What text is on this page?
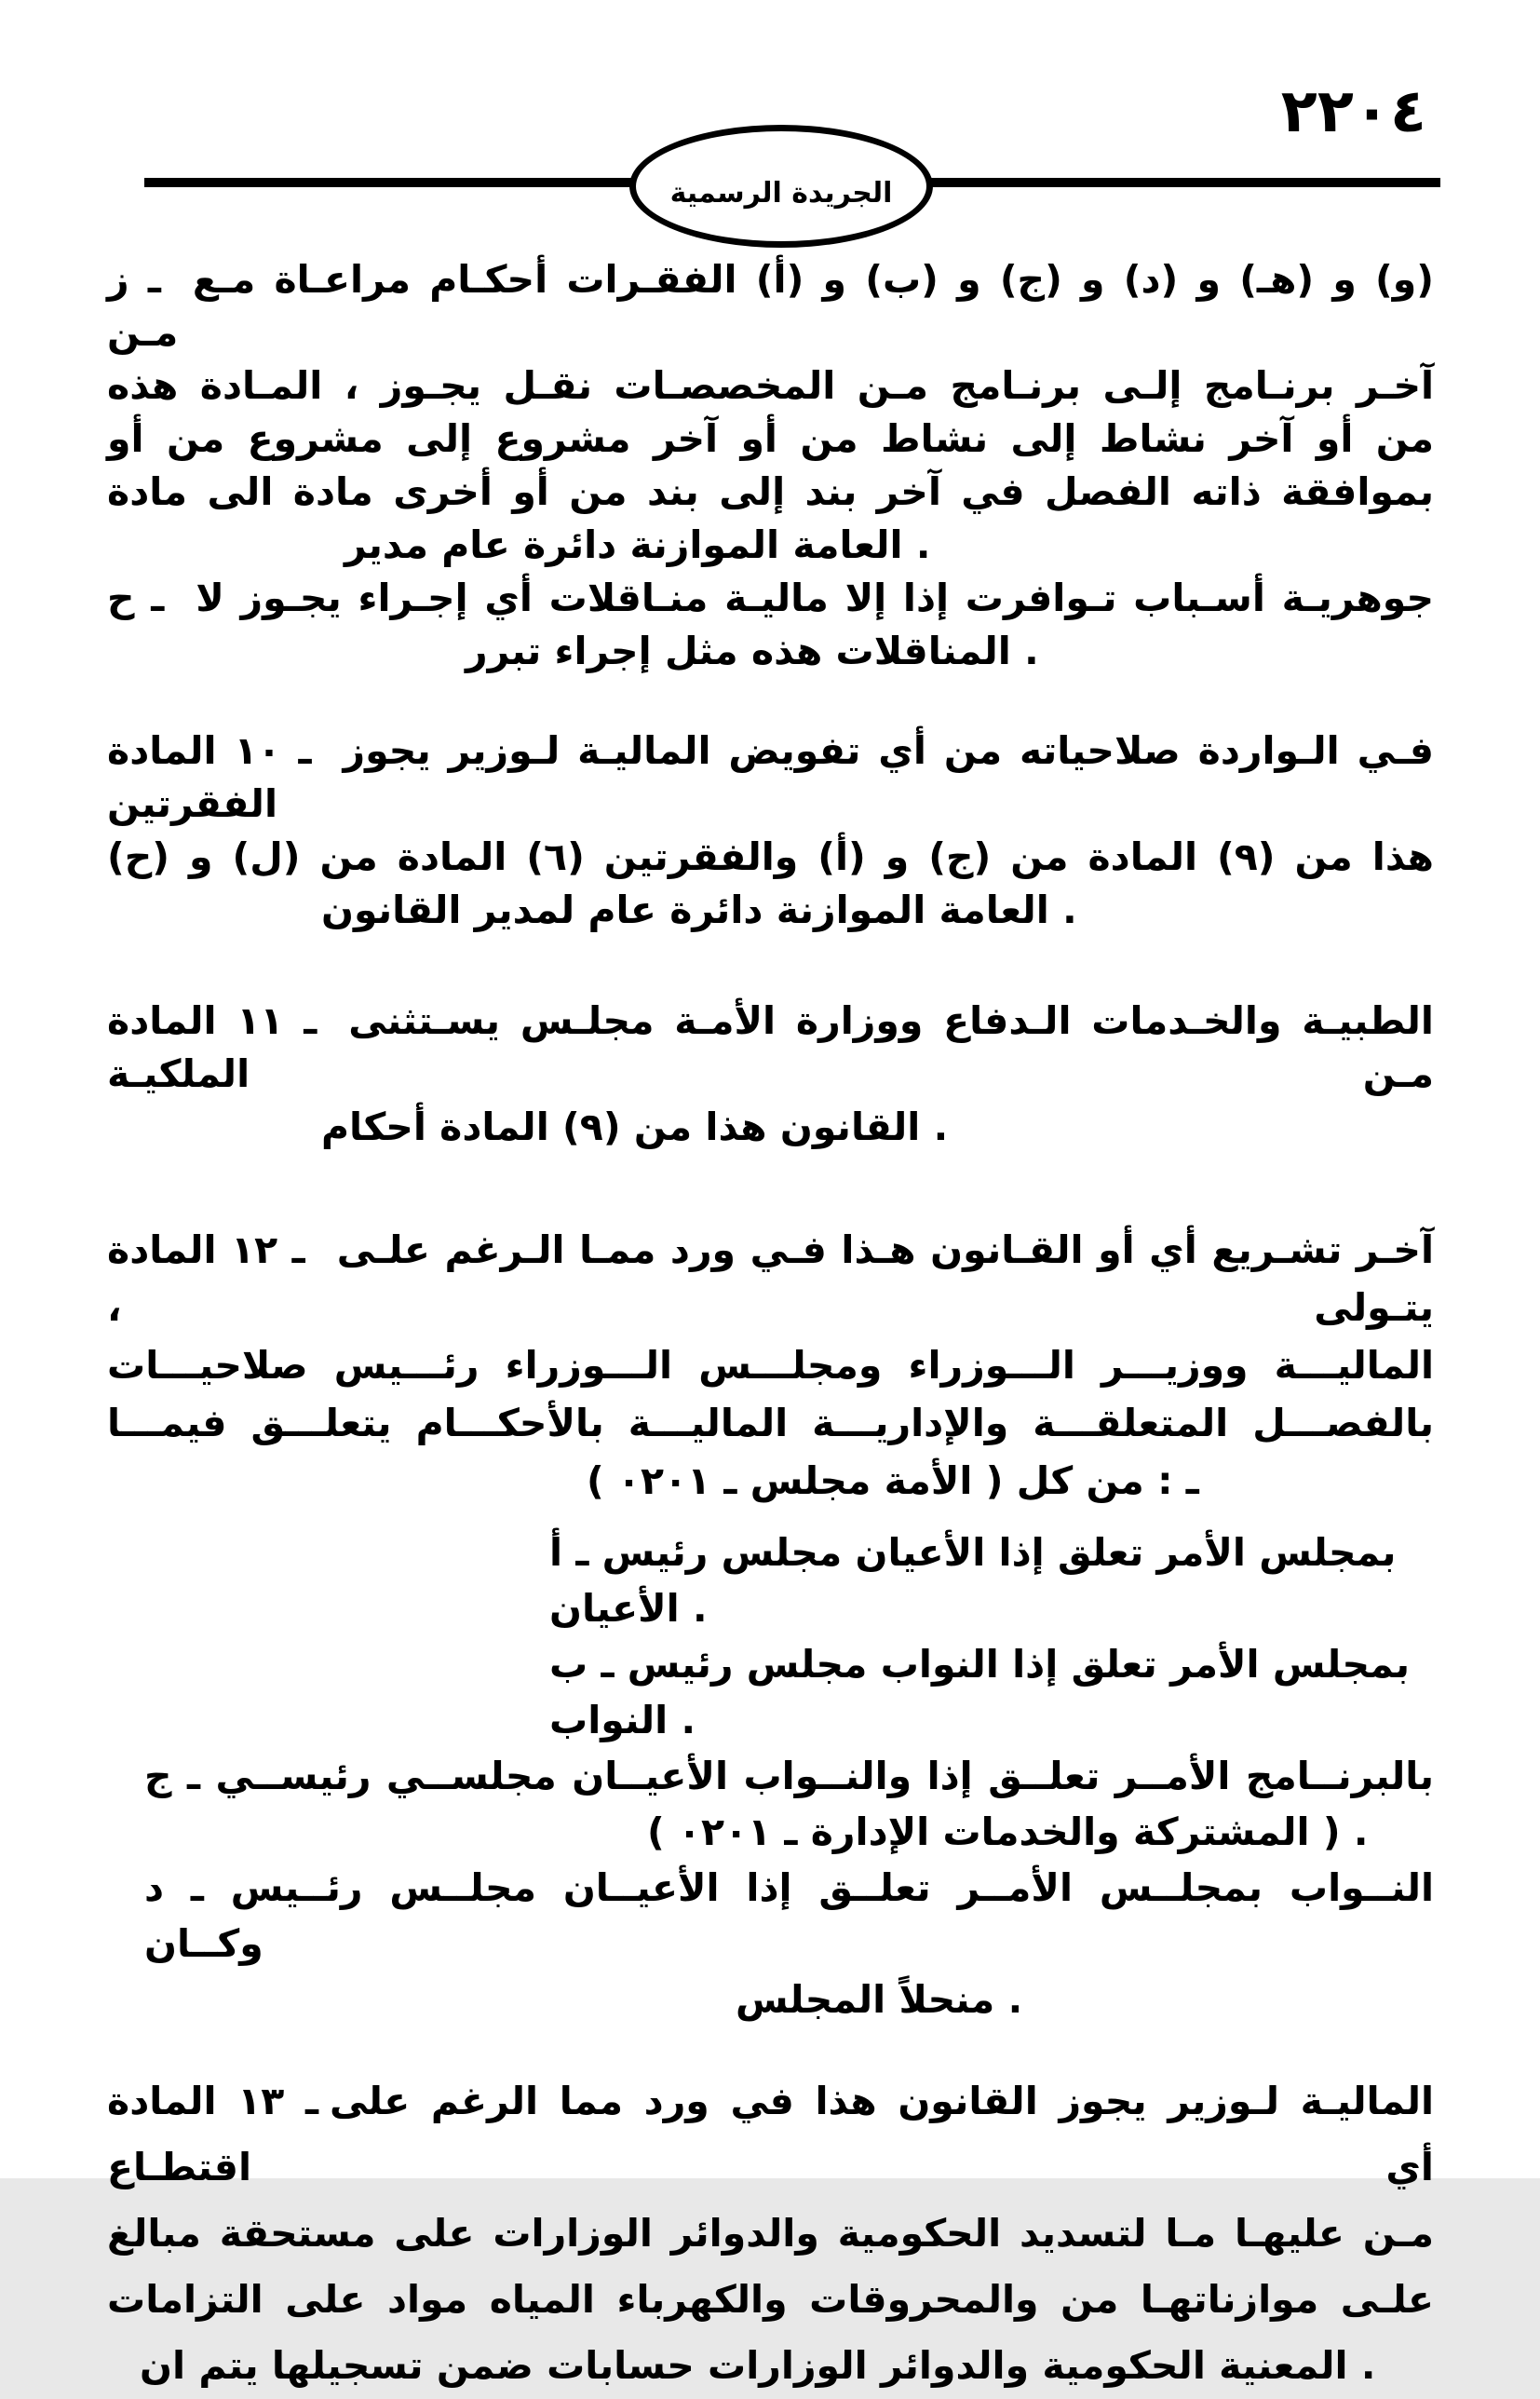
٢٢٠٤
الجريدة الرسمية
ز ـ مـع مراعـاة أحكـام الفقـرات (أ) و (ب) و (ج) و (د) و (هـ) و (و) مـن
هذه المـادة ، يجـوز نقـل المخصصـات مـن برنـامج إلـى برنـامج آخـر
أو من مشروع إلى مشروع آخر أو من نشاط إلى نشاط آخر أو من
مادة الى مادة أخرى أو من بند إلى بند آخر في الفصل ذاته بموافقة
مدير عام دائرة الموازنة العامة .
ح ـ لا يجـوز إجـراء أي منـاقلات ماليـة إلا إذا تـوافرت أسـباب جوهريـة
تبرر إجراء مثل هذه المناقلات .
المادة ١٠ ـ يجوز لـوزير الماليـة تفويض أي من صلاحياته الـواردة فـي الفقرتين
(ح) و (ل) من المادة (٦) والفقرتين (أ) و (ج) من المادة (٩) من هذا
القانون لمدير عام دائرة الموازنة العامة .
المادة ١١ ـ يسـتثنى مجلـس الأمـة ووزارة الـدفاع والخـدمات الطبيـة الملكيـة	مـن
أحكام المادة (٩) من هذا القانون .
المادة ١٢ ـ علـى الـرغم ممـا ورد فـي هـذا القـانون أو أي تشـريع آخـر ،	يتـولى
صلاحيـــات رئـــيس الـــوزراء ومجلـــس الـــوزراء ووزيـــر الماليـــة
فيمـــا يتعلـــق بالأحكـــام الماليـــة والإداريـــة المتعلقـــة بالفصـــل
( ٠٢٠١ ـ مجلس الأمة ) كل من : ـ
أ ـ رئيس مجلس الأعيان إذا تعلق الأمر بمجلس الأعيان .
ب ـ رئيس مجلس النواب إذا تعلق الأمر بمجلس النواب .
ج ـ رئيســي مجلســي الأعيــان والنــواب إذا تعلــق الأمــر بالبرنــامج
( ٠٢٠١ ـ الإدارة والخدمات المشتركة ) .
د ـ رئــيس مجلــس الأعيــان إذا تعلــق الأمــر بمجلــس النــواب وكــان
المجلس منحلاً .
المادة ١٣ ـ على الرغم مما ورد في هذا القانون يجوز لـوزير الماليـة اقتطـاع	أي
مبالغ مستحقة على الوزارات والدوائر الحكومية لتسديد مـا عليهـا مـن
التزامات على مواد المياه والكهرباء والمحروقات من موازناتهـا علـى
ان يتم تسجيلها ضمن حسابات الوزارات والدوائر الحكومية المعنية .
